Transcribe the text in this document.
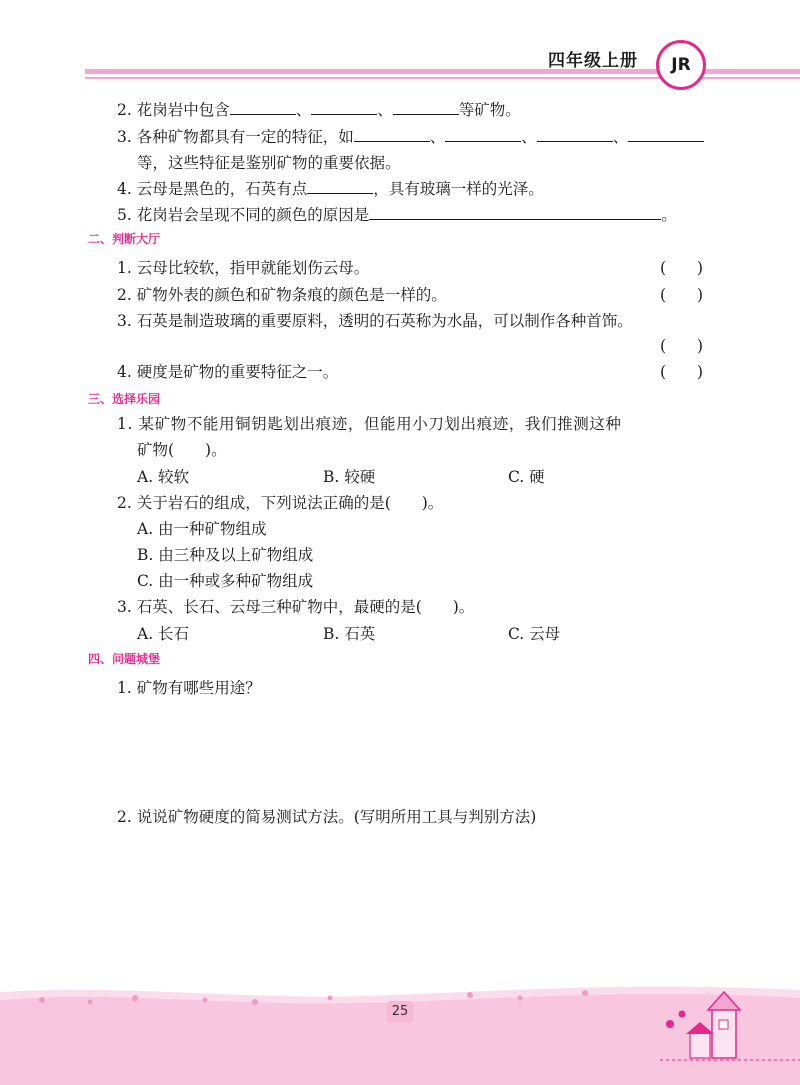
四年级上册 JR
2. 花岗岩中包含	、	、	等矿物。
3. 各种矿物都具有一定的特征，如	、	、	、
等，这些特征是鉴别矿物的重要依据。
4. 云母是黑色的，石英有点	，具有玻璃一样的光泽。
5. 花岗岩会呈现不同的颜色的原因是	。
二、判断大厅
1. 云母比较软，指甲就能划伤云母。	(　　)
2. 矿物外表的颜色和矿物条痕的颜色是一样的。	(　　)
3. 石英是制造玻璃的重要原料，透明的石英称为水晶，可以制作各种首饰。
(　　)
4. 硬度是矿物的重要特征之一。	(　　)
三、选择乐园
1. 某矿物不能用铜钥匙划出痕迹，但能用小刀划出痕迹，我们推测这种
矿物(　　)。
A. 较软	B. 较硬	C. 硬
2. 关于岩石的组成，下列说法正确的是(　　)。
A. 由一种矿物组成
B. 由三种及以上矿物组成
C. 由一种或多种矿物组成
3. 石英、长石、云母三种矿物中，最硬的是(　　)。
A. 长石	B. 石英	C. 云母
四、问题城堡
1. 矿物有哪些用途？
2. 说说矿物硬度的简易测试方法。(写明所用工具与判别方法)
25
